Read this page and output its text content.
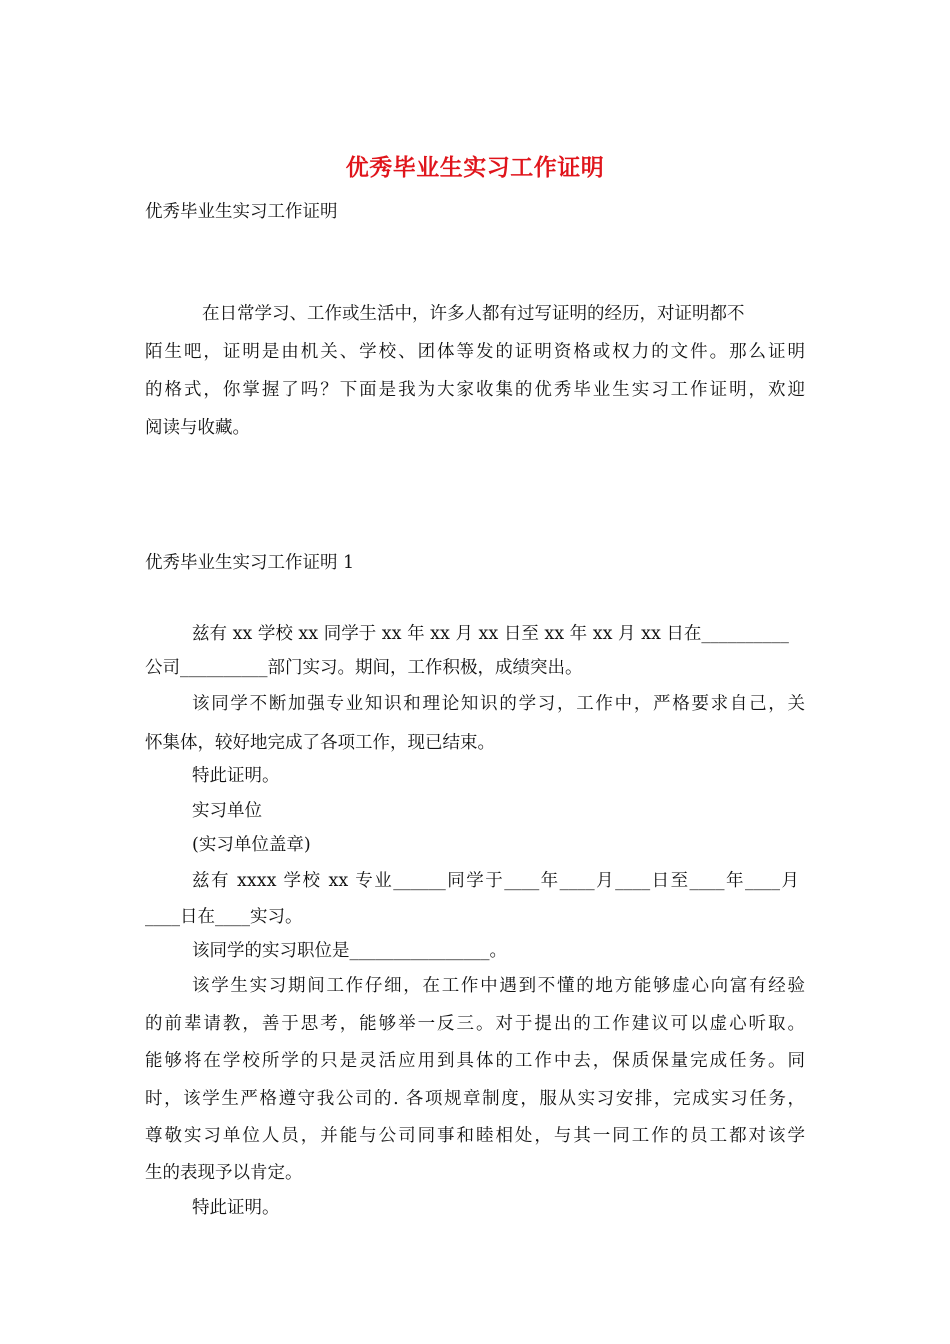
优秀毕业生实习工作证明
优秀毕业生实习工作证明
在日常学习、工作或生活中，许多人都有过写证明的经历，对证明都不
陌生吧，证明是由机关、学校、团体等发的证明资格或权力的文件。那么证明
的格式，你掌握了吗？下面是我为大家收集的优秀毕业生实习工作证明，欢迎
阅读与收藏。
优秀毕业生实习工作证明 1
兹有 xx 学校 xx 同学于 xx 年 xx 月 xx 日至 xx 年 xx 月 xx 日在__________
公司__________部门实习。期间，工作积极，成绩突出。
该同学不断加强专业知识和理论知识的学习，工作中，严格要求自己，关
怀集体，较好地完成了各项工作，现已结束。
特此证明。
实习单位
(实习单位盖章)
兹有 xxxx 学校 xx 专业______同学于____年____月____日至____年____月
____日在____实习。
该同学的实习职位是________________。
该学生实习期间工作仔细，在工作中遇到不懂的地方能够虚心向富有经验
的前辈请教，善于思考，能够举一反三。对于提出的工作建议可以虚心听取。
能够将在学校所学的只是灵活应用到具体的工作中去，保质保量完成任务。同
时，该学生严格遵守我公司的. 各项规章制度，服从实习安排，完成实习任务，
尊敬实习单位人员，并能与公司同事和睦相处，与其一同工作的员工都对该学
生的表现予以肯定。
特此证明。
